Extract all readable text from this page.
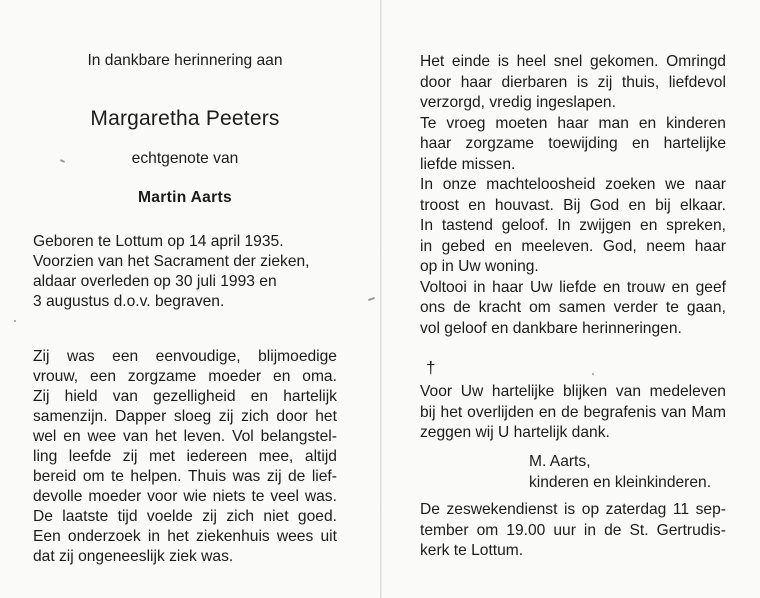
In dankbare herinnering aan
Margaretha Peeters
echtgenote van
Martin Aarts
Geboren te Lottum op 14 april 1935.
Voorzien van het Sacrament der zieken,
aldaar overleden op 30 juli 1993 en
3 augustus d.o.v. begraven.
Zij was een eenvoudige, blijmoedige
vrouw, een zorgzame moeder en oma.
Zij hield van gezelligheid en hartelijk
samenzijn. Dapper sloeg zij zich door het
wel en wee van het leven. Vol belangstel-
ling leefde zij met iedereen mee, altijd
bereid om te helpen. Thuis was zij de lief-
devolle moeder voor wie niets te veel was.
De laatste tijd voelde zij zich niet goed.
Een onderzoek in het ziekenhuis wees uit
dat zij ongeneeslijk ziek was.
Het einde is heel snel gekomen. Omringd
door haar dierbaren is zij thuis, liefdevol
verzorgd, vredig ingeslapen.
Te vroeg moeten haar man en kinderen
haar zorgzame toewijding en hartelijke
liefde missen.
In onze machteloosheid zoeken we naar
troost en houvast. Bij God en bij elkaar.
In tastend geloof. In zwijgen en spreken,
in gebed en meeleven. God, neem haar
op in Uw woning.
Voltooi in haar Uw liefde en trouw en geef
ons de kracht om samen verder te gaan,
vol geloof en dankbare herinneringen.
†
Voor Uw hartelijke blijken van medeleven
bij het overlijden en de begrafenis van Mam
zeggen wij U hartelijk dank.
M. Aarts,
kinderen en kleinkinderen.
De zeswekendienst is op zaterdag 11 sep-
tember om 19.00 uur in de St. Gertrudis-
kerk te Lottum.
